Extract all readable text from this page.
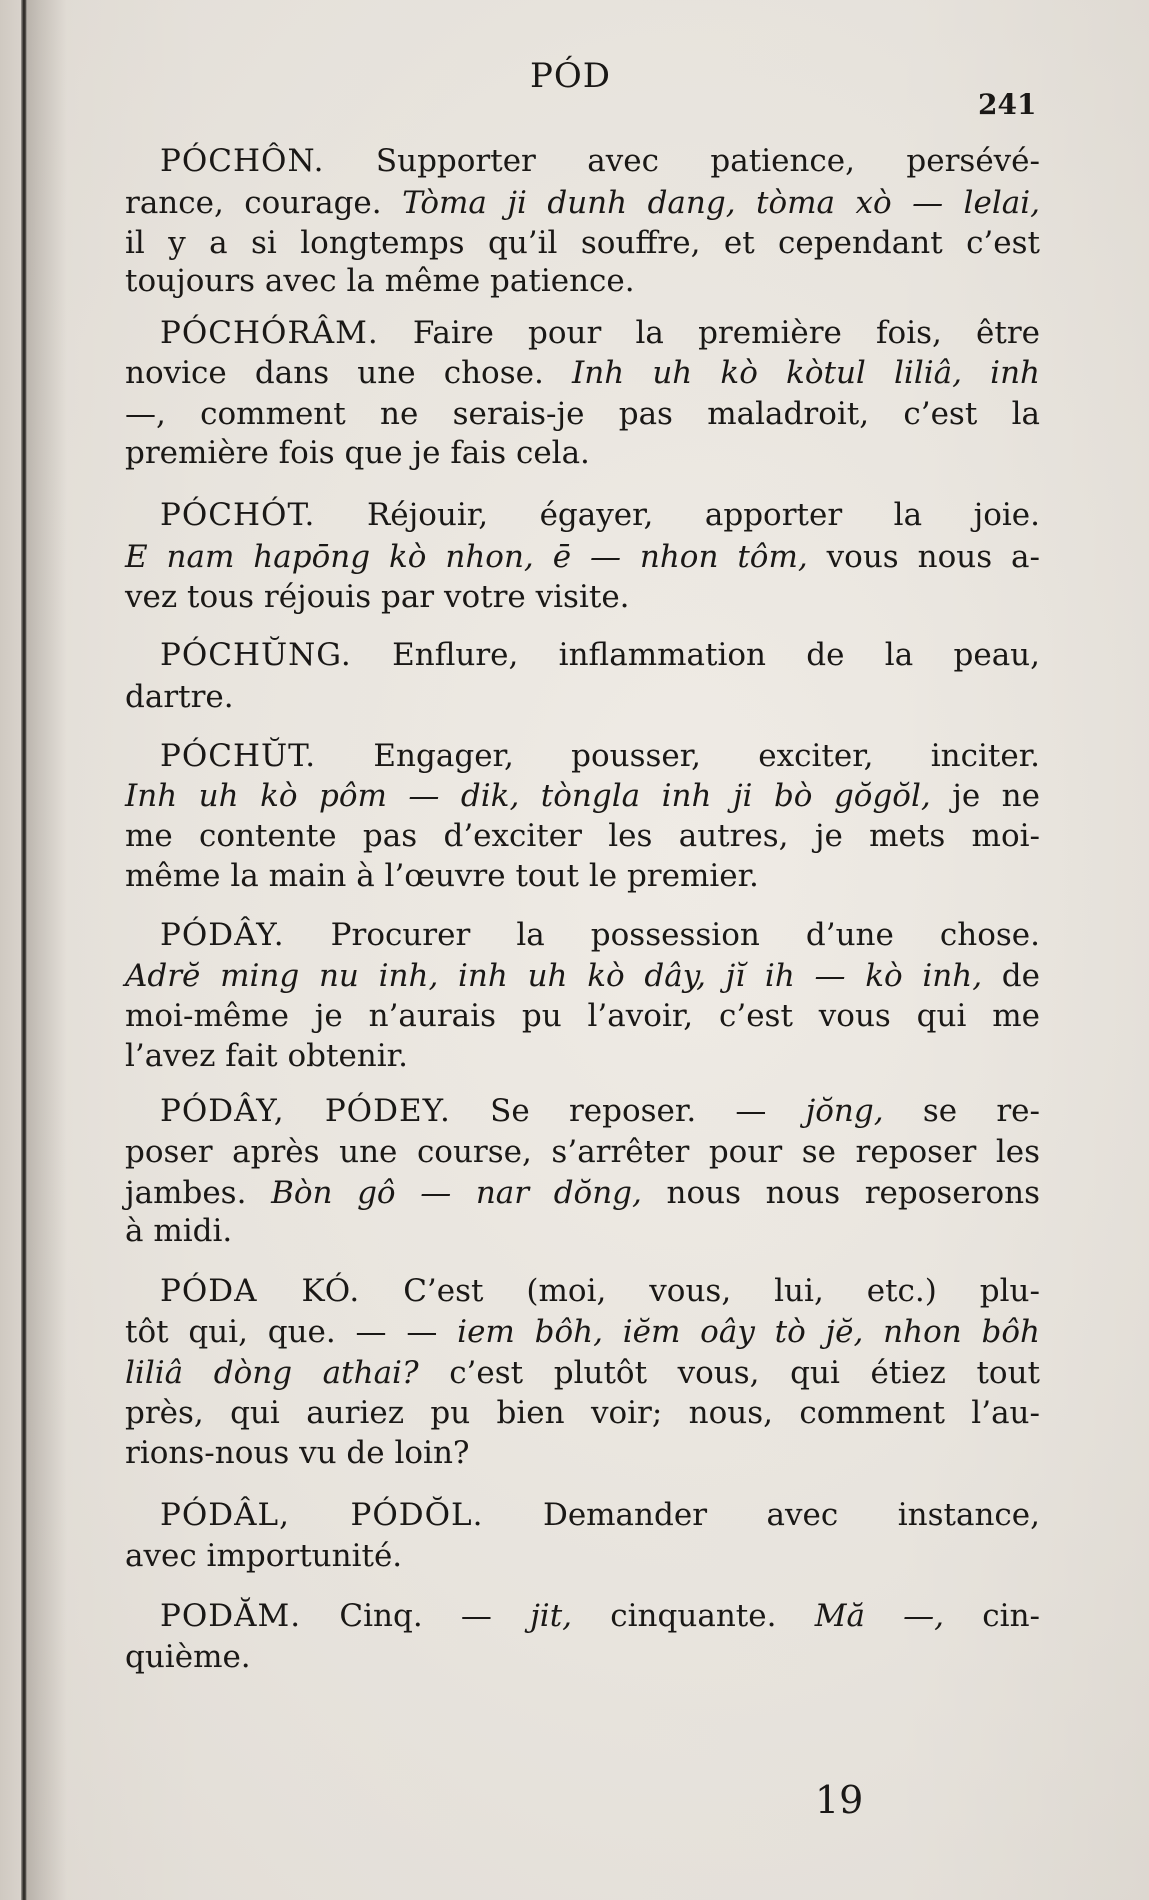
PÓD
241
PÓCHÔN. Supporter avec patience, persévé-
rance, courage. Tòma ji dunh dang, tòma xò — lelai,
il y a si longtemps qu’il souffre, et cependant c’est
toujours avec la même patience.
PÓCHÓRÂM. Faire pour la première fois, être
novice dans une chose. Inh uh kò kòtul liliâ, inh
—, comment ne serais-je pas maladroit, c’est la
première fois que je fais cela.
PÓCHÓT. Réjouir, égayer, apporter la joie.
E nam hapōng kò nhon, ē — nhon tôm, vous nous a-
vez tous réjouis par votre visite.
PÓCHŬNG. Enflure, inflammation de la peau,
dartre.
PÓCHŬT. Engager, pousser, exciter, inciter.
Inh uh kò pôm — dik, tòngla inh ji bò gŏgŏl, je ne
me contente pas d’exciter les autres, je mets moi-
même la main à l’œuvre tout le premier.
PÓDÂY. Procurer la possession d’une chose.
Adrĕ ming nu inh, inh uh kò dây, jĭ ih — kò inh, de
moi-même je n’aurais pu l’avoir, c’est vous qui me
l’avez fait obtenir.
PÓDÂY, PÓDEY. Se reposer. — jŏng, se re-
poser après une course, s’arrêter pour se reposer les
jambes. Bòn gô — nar dŏng, nous nous reposerons
à midi.
PÓDA KÓ. C’est (moi, vous, lui, etc.) plu-
tôt qui, que. — — iem bôh, iĕm oây tò jĕ, nhon bôh
liliâ dòng athai? c’est plutôt vous, qui étiez tout
près, qui auriez pu bien voir; nous, comment l’au-
rions-nous vu de loin?
PÓDÂL, PÓDŎL. Demander avec instance,
avec importunité.
PODĂM. Cinq. — jit, cinquante. Mă —, cin-
quième.
19
